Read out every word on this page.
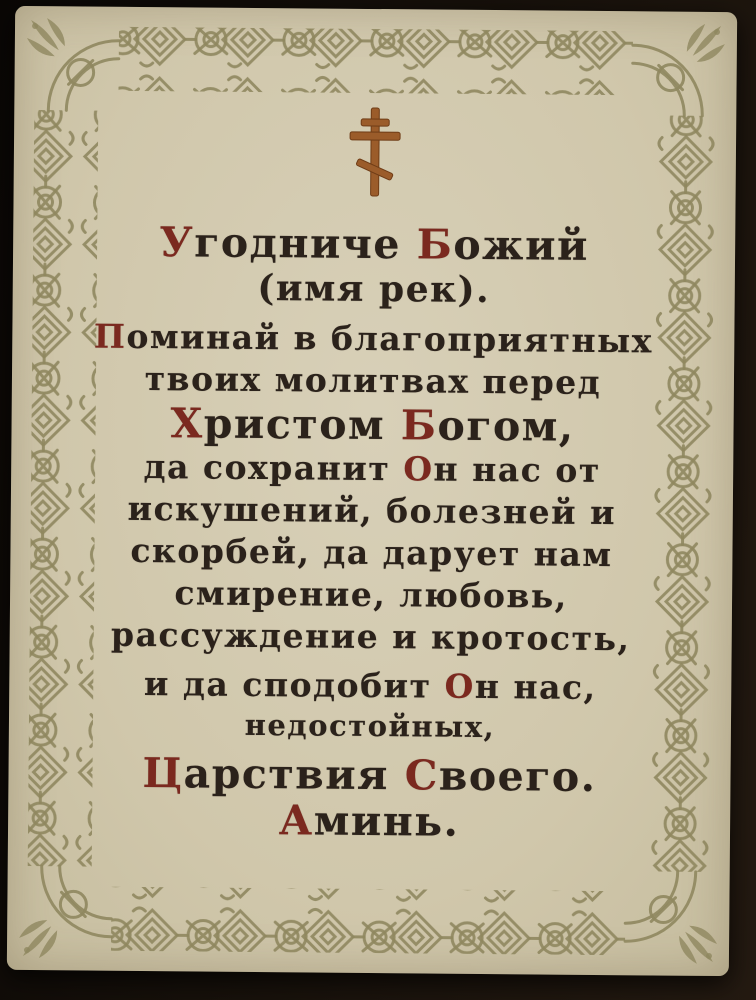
Угодниче Божий
(имя рек).
Поминай в благоприятных
твоих молитвах перед
Христом Богом,
да сохранит Он нас от
искушений, болезней и
скорбей, да дарует нам
смирение, любовь,
рассуждение и кротость,
и да сподобит Он нас,
недостойных,
Царствия Своего.
Аминь.
